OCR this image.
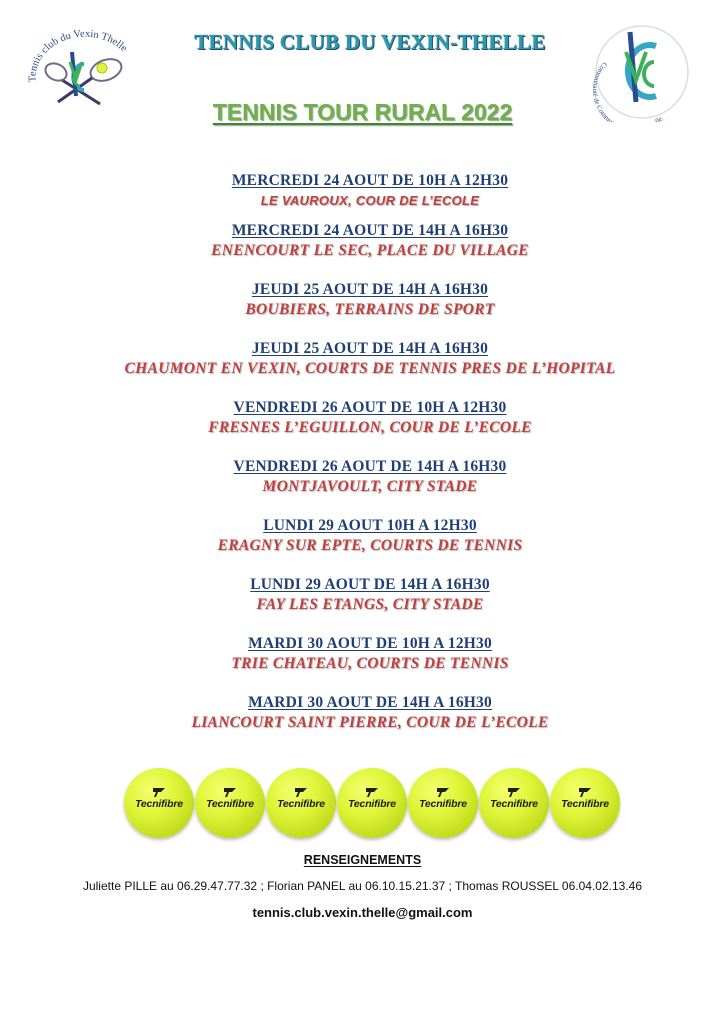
Tennis club du Vexin Thelle
Communauté de Commu lle
TENNIS CLUB DU VEXIN-THELLE
TENNIS TOUR RURAL 2022
MERCREDI 24 AOUT DE 10H A 12H30
LE VAUROUX, COUR DE L’ECOLE
MERCREDI 24 AOUT DE 14H A 16H30
ENENCOURT LE SEC, PLACE DU VILLAGE
JEUDI 25 AOUT DE 14H A 16H30
BOUBIERS, TERRAINS DE SPORT
JEUDI 25 AOUT DE 14H A 16H30
CHAUMONT EN VEXIN, COURTS DE TENNIS PRES DE L’HOPITAL
VENDREDI 26 AOUT DE 10H A 12H30
FRESNES L’EGUILLON, COUR DE L’ECOLE
VENDREDI 26 AOUT DE 14H A 16H30
MONTJAVOULT, CITY STADE
LUNDI 29 AOUT 10H A 12H30
ERAGNY SUR EPTE, COURTS DE TENNIS
LUNDI 29 AOUT DE 14H A 16H30
FAY LES ETANGS, CITY STADE
MARDI 30 AOUT DE 10H A 12H30
TRIE CHATEAU, COURTS DE TENNIS
MARDI 30 AOUT DE 14H A 16H30
LIANCOURT SAINT PIERRE, COUR DE L’ECOLE
Tecnifibre	Tecnifibre	Tecnifibre	Tecnifibre	Tecnifibre	Tecnifibre	Tecnifibre
RENSEIGNEMENTS
Juliette PILLE au 06.29.47.77.32 ; Florian PANEL au 06.10.15.21.37 ; Thomas ROUSSEL 06.04.02.13.46
tennis.club.vexin.thelle@gmail.com
